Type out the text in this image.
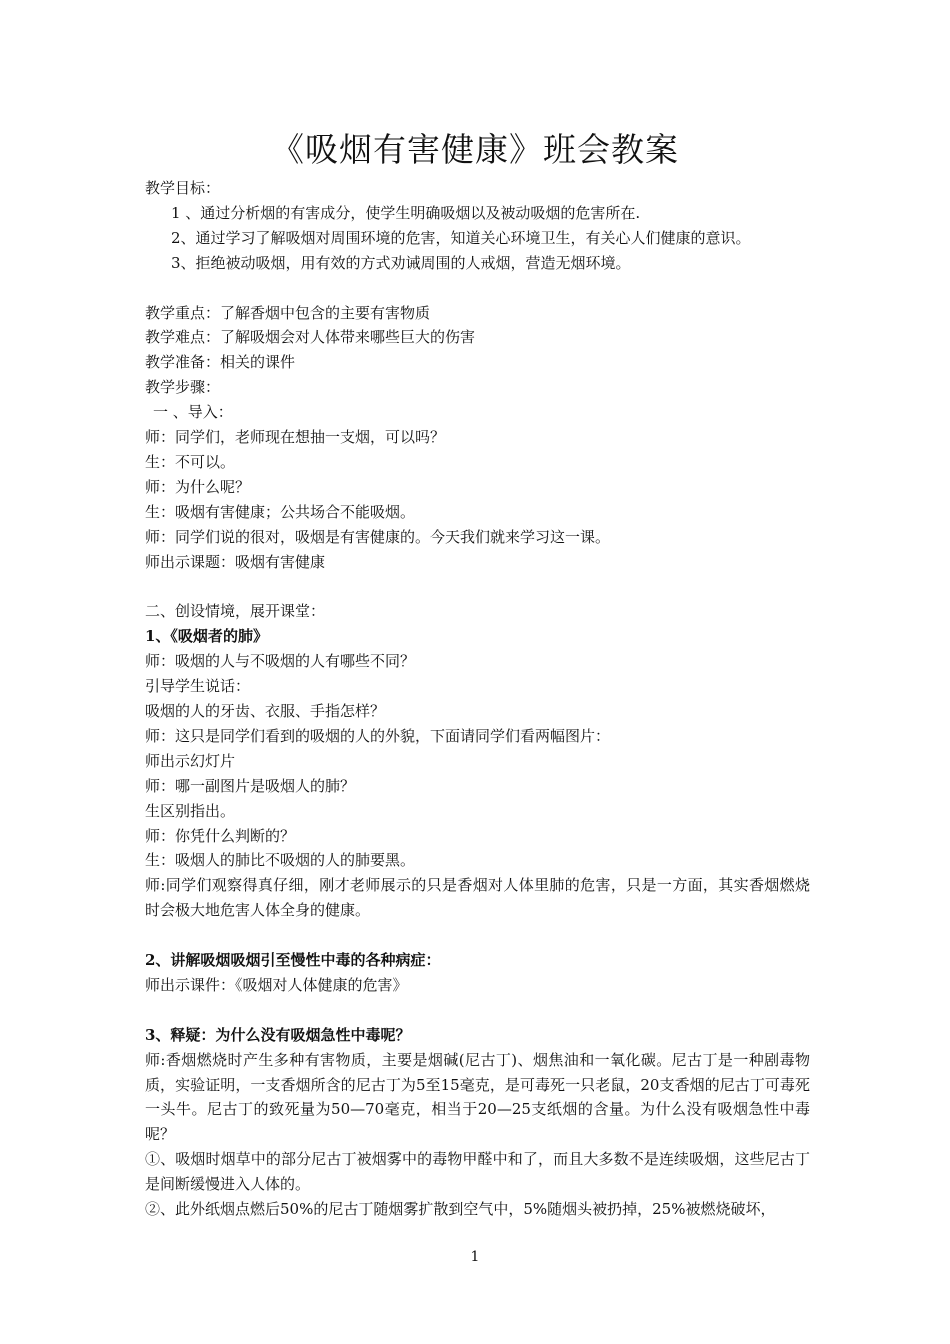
《吸烟有害健康》班会教案

教学目标：

1 、通过分析烟的有害成分，使学生明确吸烟以及被动吸烟的危害所在.

2、通过学习了解吸烟对周围环境的危害，知道关心环境卫生，有关心人们健康的意识。

3、拒绝被动吸烟，用有效的方式劝诫周围的人戒烟，营造无烟环境。

教学重点：了解香烟中包含的主要有害物质

教学难点：了解吸烟会对人体带来哪些巨大的伤害

教学准备：相关的课件

教学步骤：

一 、导入：

师：同学们，老师现在想抽一支烟，可以吗？

生：不可以。

师：为什么呢？

生：吸烟有害健康；公共场合不能吸烟。

师：同学们说的很对，吸烟是有害健康的。今天我们就来学习这一课。

师出示课题：吸烟有害健康

二、创设情境，展开课堂：

1、《吸烟者的肺》

师：吸烟的人与不吸烟的人有哪些不同？

引导学生说话：

吸烟的人的牙齿、衣服、手指怎样？

师：这只是同学们看到的吸烟的人的外貌，下面请同学们看两幅图片：

师出示幻灯片

师：哪一副图片是吸烟人的肺？

生区别指出。

师：你凭什么判断的？

生：吸烟人的肺比不吸烟的人的肺要黑。

师:同学们观察得真仔细，刚才老师展示的只是香烟对人体里肺的危害，只是一方面，其实香烟燃烧时会极大地危害人体全身的健康。

2、讲解吸烟吸烟引至慢性中毒的各种病症：

师出示课件：《吸烟对人体健康的危害》

3、释疑：为什么没有吸烟急性中毒呢？

师:香烟燃烧时产生多种有害物质，主要是烟碱(尼古丁)、烟焦油和一氧化碳。尼古丁是一种剧毒物质，实验证明，一支香烟所含的尼古丁为5至15毫克，是可毒死一只老鼠，20支香烟的尼古丁可毒死一头牛。尼古丁的致死量为50—70毫克，相当于20—25支纸烟的含量。为什么没有吸烟急性中毒呢？

①、吸烟时烟草中的部分尼古丁被烟雾中的毒物甲醛中和了，而且大多数不是连续吸烟，这些尼古丁是间断缓慢进入人体的。

②、此外纸烟点燃后50%的尼古丁随烟雾扩散到空气中，5%随烟头被扔掉，25%被燃烧破坏，

1
